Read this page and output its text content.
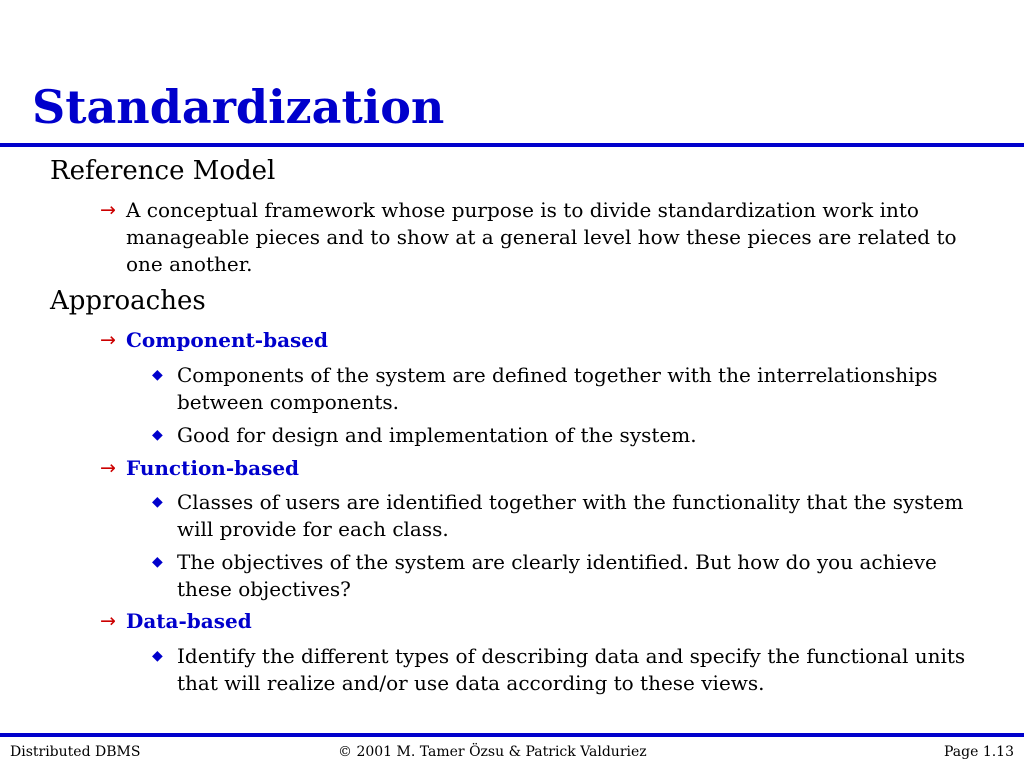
Standardization

Reference Model

→ A conceptual framework whose purpose is to divide standardization work into manageable pieces and to show at a general level how these pieces are related to one another.

Approaches

→ Component-based
◆ Components of the system are defined together with the interrelationships between components.
◆ Good for design and implementation of the system.
→ Function-based
◆ Classes of users are identified together with the functionality that the system will provide for each class.
◆ The objectives of the system are clearly identified. But how do you achieve these objectives?
→ Data-based
◆ Identify the different types of describing data and specify the functional units that will realize and/or use data according to these views.
Distributed DBMS	© 2001 M. Tamer Özsu & Patrick Valduriez	Page 1.13
